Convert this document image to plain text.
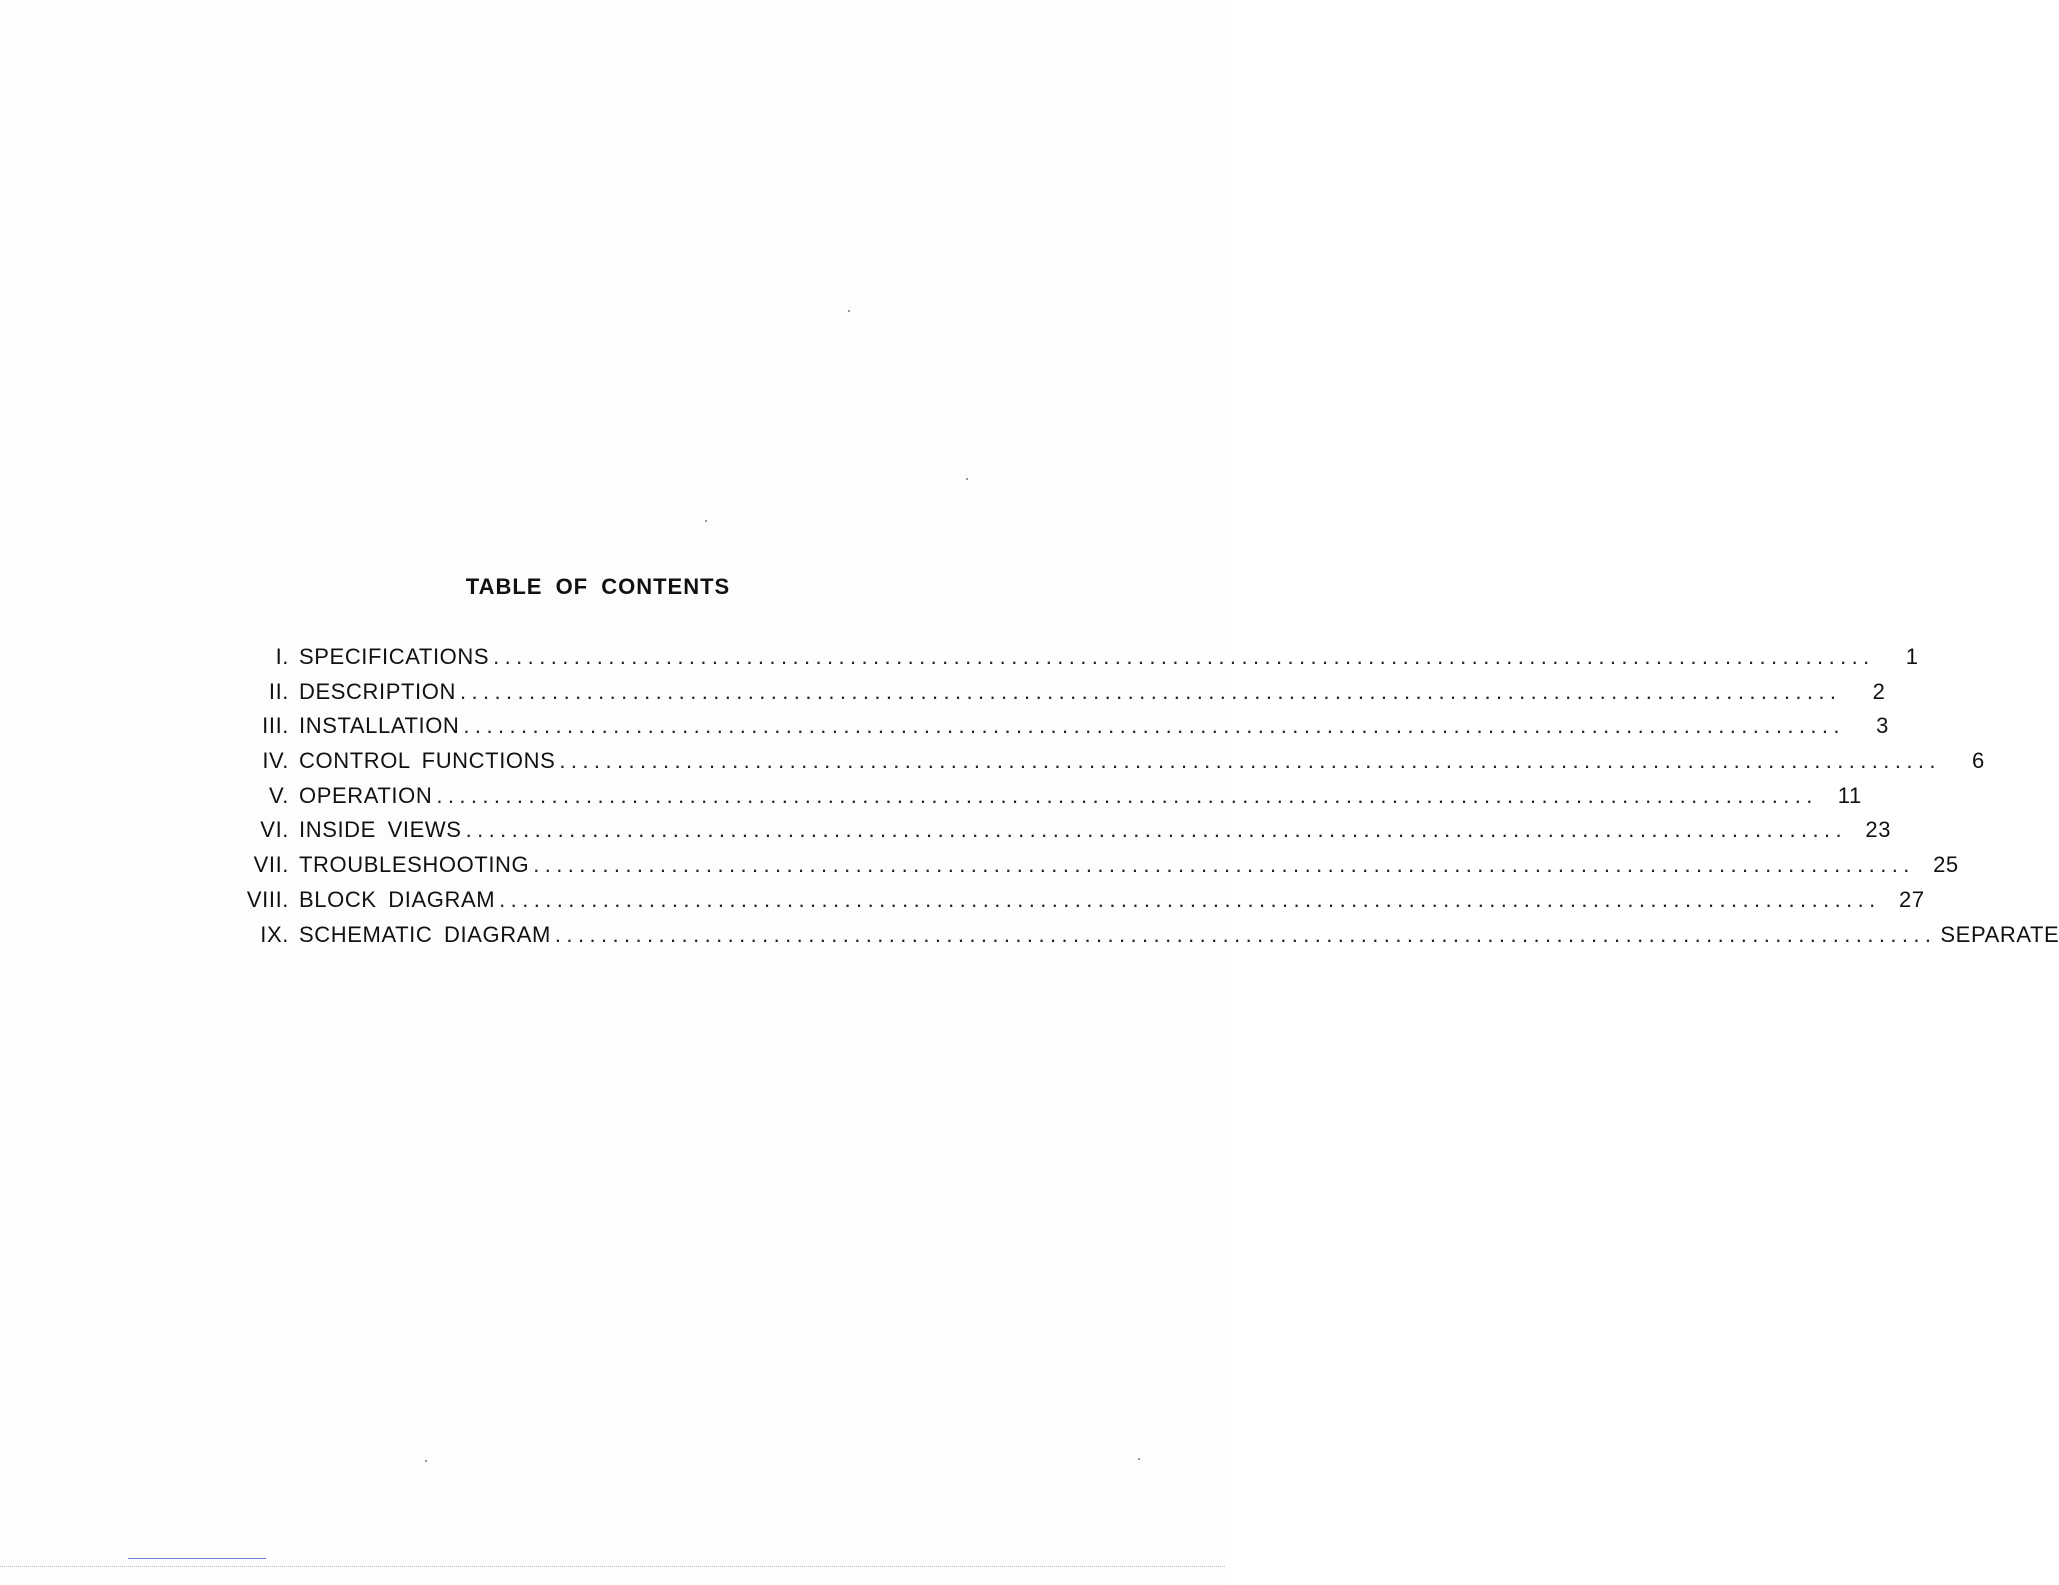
TABLE OF CONTENTS
I. SPECIFICATIONS ........................................................................................................................	1
II. DESCRIPTION ........................................................................................................................	2
III. INSTALLATION ........................................................................................................................	3
IV. CONTROL FUNCTIONS ........................................................................................................................	6
V. OPERATION ........................................................................................................................ 11
VI. INSIDE VIEWS ........................................................................................................................ 23
VII. TROUBLESHOOTING ........................................................................................................................ 25
VIII. BLOCK DIAGRAM ........................................................................................................................ 27
IX. SCHEMATIC DIAGRAM ........................................................................................................................ SEPARATE
